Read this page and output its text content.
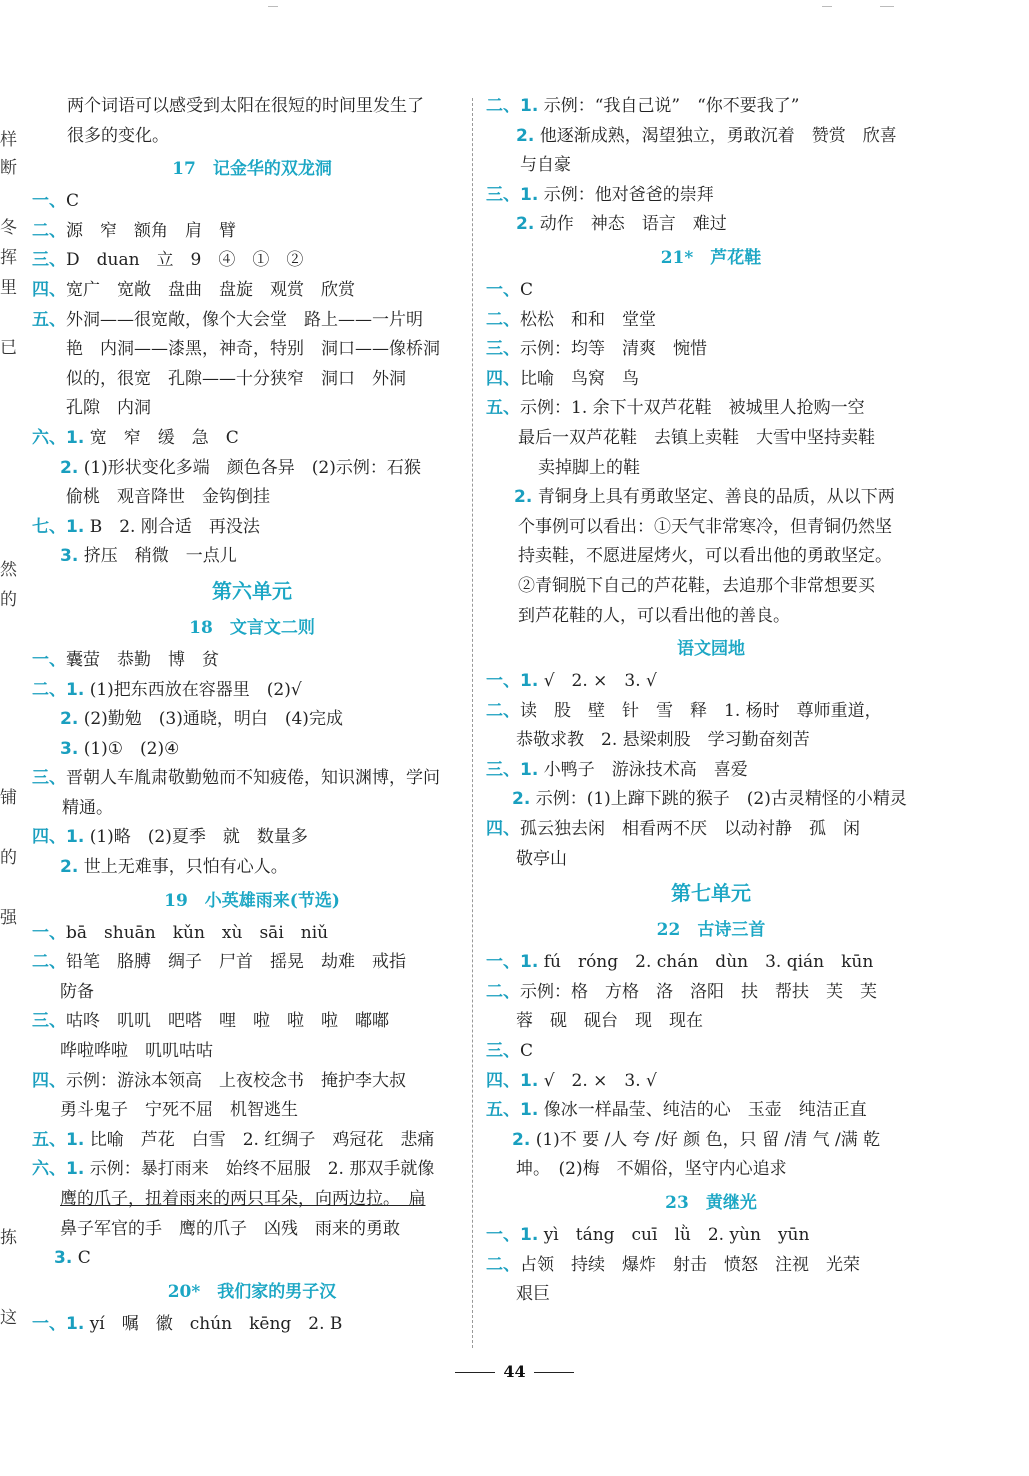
样
断
冬
挥
里
已
然
的
铺
的
强
拣
这
两个词语可以感受到太阳在很短的时间里发生了
很多的变化。
17　记金华的双龙洞
一、C
二、源　窄　额角　肩　臂
三、D　duan　立　9　④　①　②
四、宽广　宽敞　盘曲　盘旋　观赏　欣赏
五、外洞——很宽敞，像个大会堂　路上——一片明
艳　内洞——漆黑，神奇，特别　洞口——像桥洞
似的，很宽　孔隙——十分狭窄　洞口　外洞
孔隙　内洞
六、1. 宽　窄　缓　急　C
2. (1)形状变化多端　颜色各异　(2)示例：石猴
偷桃　观音降世　金钩倒挂
七、1. B　2. 刚合适　再没法
3. 挤压　稍微　一点儿
第六单元
18　文言文二则
一、囊萤　恭勤　博　贫
二、1. (1)把东西放在容器里　(2)√
2. (2)勤勉　(3)通晓，明白　(4)完成
3. (1)①　(2)④
三、晋朝人车胤肃敬勤勉而不知疲倦，知识渊博，学问
精通。
四、1. (1)略　(2)夏季　就　数量多
2. 世上无难事，只怕有心人。
19　小英雄雨来(节选)
一、bā　shuān　kǔn　xù　sāi　niǔ
二、铅笔　胳膊　绸子　尸首　摇晃　劫难　戒指
防备
三、咕咚　叽叽　吧嗒　哩　啦　啦　啦　嘟嘟
哗啦哗啦　叽叽咕咕
四、示例：游泳本领高　上夜校念书　掩护李大叔
勇斗鬼子　宁死不屈　机智逃生
五、1. 比喻　芦花　白雪　2. 红绸子　鸡冠花　悲痛
六、1. 示例：暴打雨来　始终不屈服　2. 那双手就像
鹰的爪子，扭着雨来的两只耳朵，向两边拉。　扁
鼻子军官的手　鹰的爪子　凶残　雨来的勇敢
3. C
20*　我们家的男子汉
一、1. yí　嘱　徽　chún　kēng　2. B
二、1. 示例：“我自己说”　“你不要我了”
2. 他逐渐成熟，渴望独立，勇敢沉着　赞赏　欣喜
与自豪
三、1. 示例：他对爸爸的崇拜
2. 动作　神态　语言　难过
21*　芦花鞋
一、C
二、松松　和和　堂堂
三、示例：均等　清爽　惋惜
四、比喻　鸟窝　鸟
五、示例：1. 余下十双芦花鞋　被城里人抢购一空
最后一双芦花鞋　去镇上卖鞋　大雪中坚持卖鞋
卖掉脚上的鞋
2. 青铜身上具有勇敢坚定、善良的品质，从以下两
个事例可以看出：①天气非常寒冷，但青铜仍然坚
持卖鞋，不愿进屋烤火，可以看出他的勇敢坚定。
②青铜脱下自己的芦花鞋，去追那个非常想要买
到芦花鞋的人，可以看出他的善良。
语文园地
一、1. √　2. ×　3. √
二、读　股　壁　针　雪　释　1. 杨时　尊师重道，
恭敬求教　2. 悬梁刺股　学习勤奋刻苦
三、1. 小鸭子　游泳技术高　喜爱
2. 示例：(1)上蹿下跳的猴子　(2)古灵精怪的小精灵
四、孤云独去闲　相看两不厌　以动衬静　孤　闲
敬亭山
第七单元
22　古诗三首
一、1. fú　róng　2. chán　dùn　3. qián　kūn
二、示例：格　方格　洛　洛阳　扶　帮扶　芙　芙
蓉　砚　砚台　现　现在
三、C
四、1. √　2. ×　3. √
五、1. 像冰一样晶莹、纯洁的心　玉壶　纯洁正直
2. (1)不 要 /人 夸 /好 颜 色，只 留 /清 气 /满 乾
坤。　(2)梅　不媚俗，坚守内心追求
23　黄继光
一、1. yì　táng　cuī　lǜ　2. yùn　yūn
二、占领　持续　爆炸　射击　愤怒　注视　光荣
艰巨
44
